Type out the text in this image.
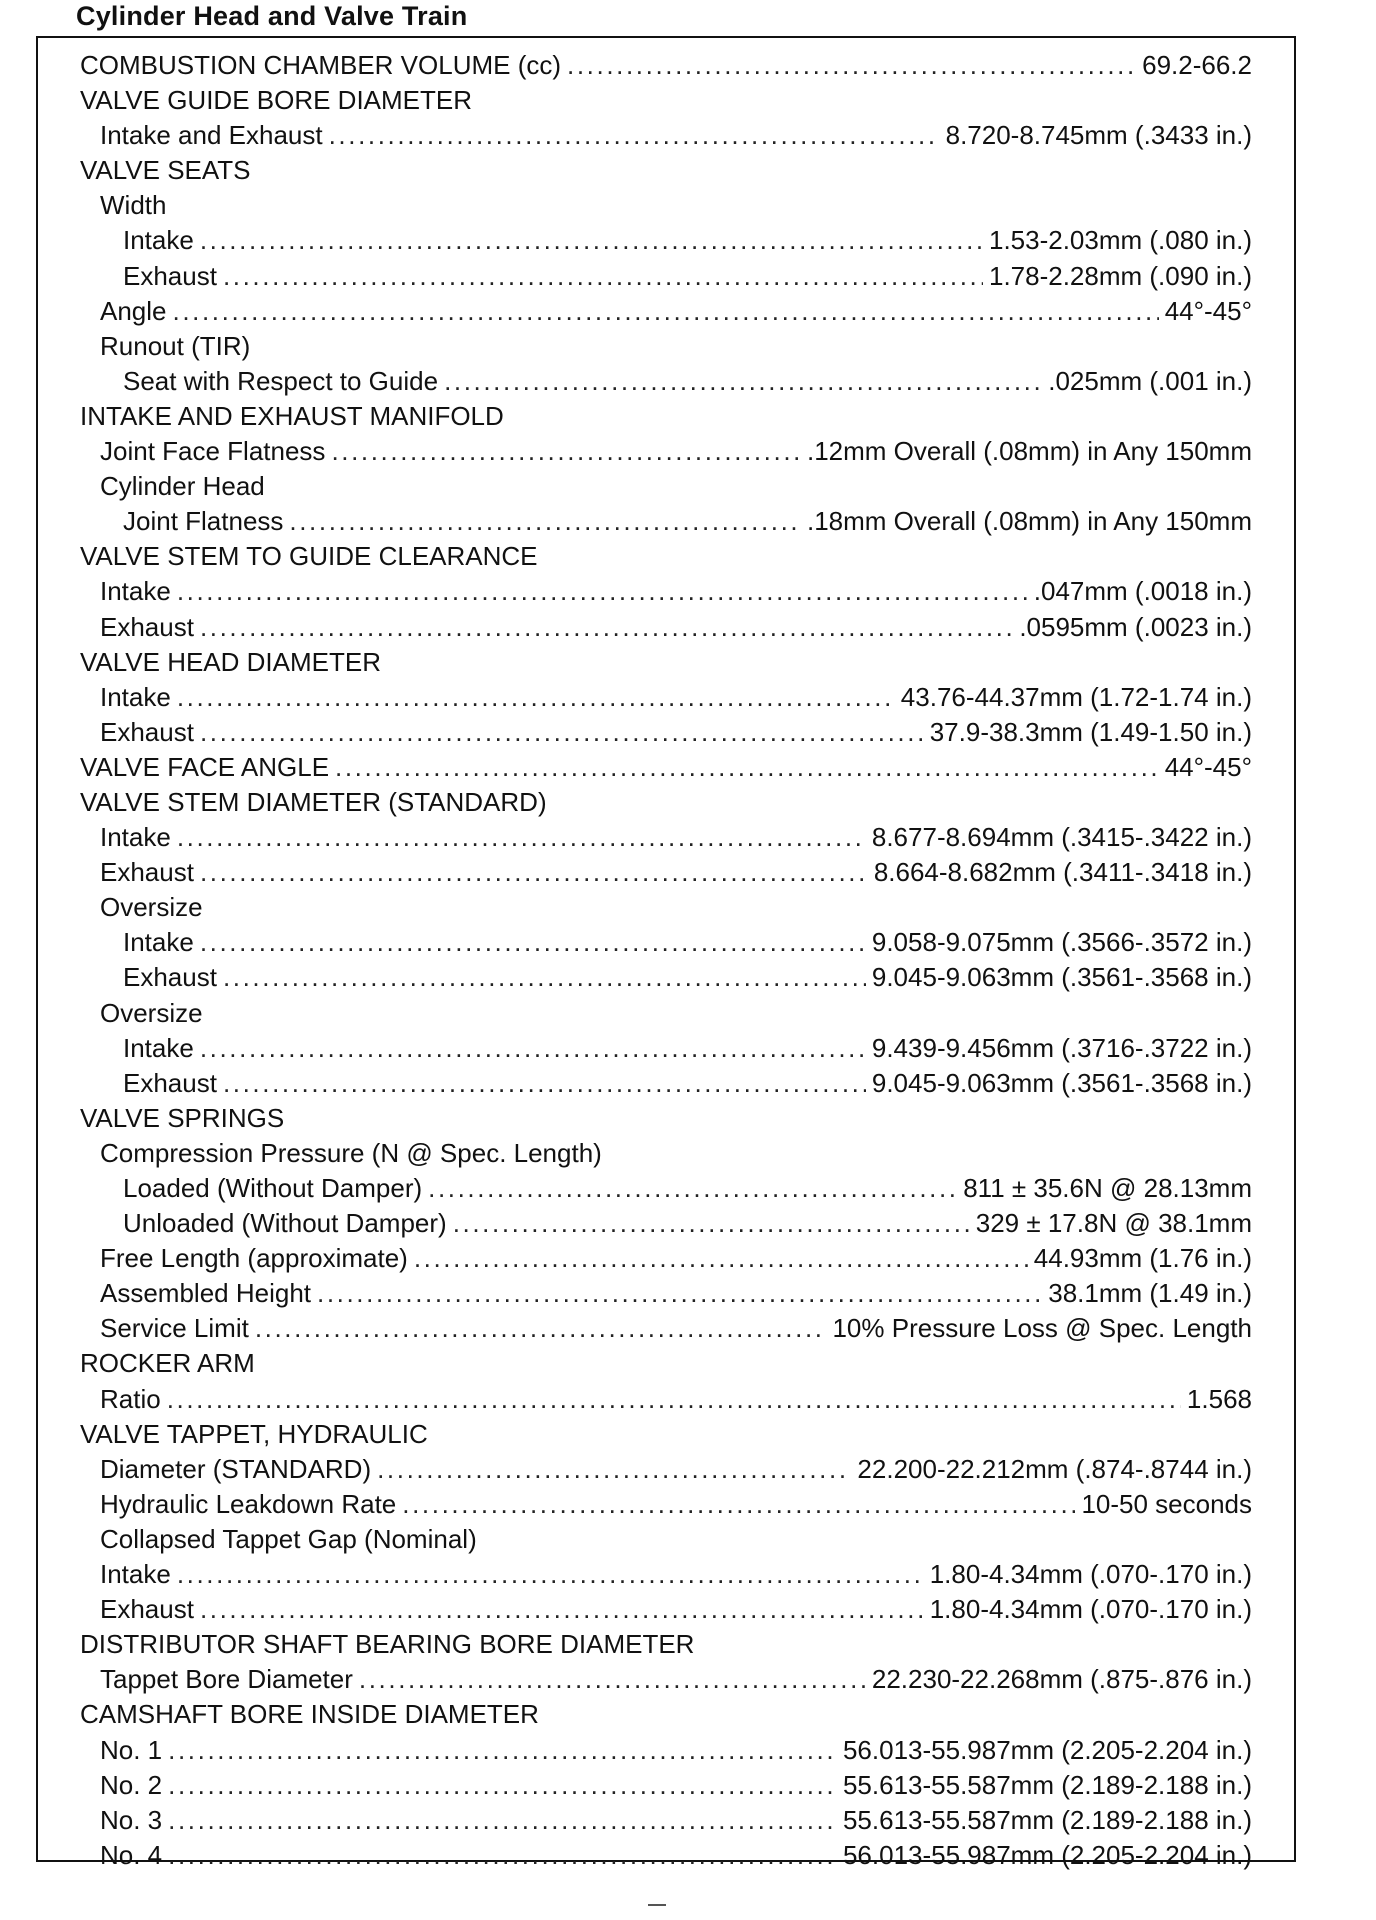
Cylinder Head and Valve Train
COMBUSTION CHAMBER VOLUME (cc) .....	69.2-66.2
VALVE GUIDE BORE DIAMETER
Intake and Exhaust .....	8.720-8.745mm (.3433 in.)
VALVE SEATS
Width
Intake .....	1.53-2.03mm (.080 in.)
Exhaust .....	1.78-2.28mm (.090 in.)
Angle .....	44°-45°
Runout (TIR)
Seat with Respect to Guide .....	.025mm (.001 in.)
INTAKE AND EXHAUST MANIFOLD
Joint Face Flatness .....	.12mm Overall (.08mm) in Any 150mm
Cylinder Head
Joint Flatness .....	.18mm Overall (.08mm) in Any 150mm
VALVE STEM TO GUIDE CLEARANCE
Intake .....	.047mm (.0018 in.)
Exhaust .....	.0595mm (.0023 in.)
VALVE HEAD DIAMETER
Intake .....	43.76-44.37mm (1.72-1.74 in.)
Exhaust .....	37.9-38.3mm (1.49-1.50 in.)
VALVE FACE ANGLE .....	44°-45°
VALVE STEM DIAMETER (STANDARD)
Intake .....	8.677-8.694mm (.3415-.3422 in.)
Exhaust .....	8.664-8.682mm (.3411-.3418 in.)
Oversize
Intake .....	9.058-9.075mm (.3566-.3572 in.)
Exhaust .....	9.045-9.063mm (.3561-.3568 in.)
Oversize
Intake .....	9.439-9.456mm (.3716-.3722 in.)
Exhaust .....	9.045-9.063mm (.3561-.3568 in.)
VALVE SPRINGS
Compression Pressure (N @ Spec. Length)
Loaded (Without Damper) .....	811 ± 35.6N @ 28.13mm
Unloaded (Without Damper) .....	329 ± 17.8N @ 38.1mm
Free Length (approximate) .....	44.93mm (1.76 in.)
Assembled Height .....	38.1mm (1.49 in.)
Service Limit .....	10% Pressure Loss @ Spec. Length
ROCKER ARM
Ratio .....	1.568
VALVE TAPPET, HYDRAULIC
Diameter (STANDARD) .....	22.200-22.212mm (.874-.8744 in.)
Hydraulic Leakdown Rate .....	10-50 seconds
Collapsed Tappet Gap (Nominal)
Intake .....	1.80-4.34mm (.070-.170 in.)
Exhaust .....	1.80-4.34mm (.070-.170 in.)
DISTRIBUTOR SHAFT BEARING BORE DIAMETER
Tappet Bore Diameter .....	22.230-22.268mm (.875-.876 in.)
CAMSHAFT BORE INSIDE DIAMETER
No. 1 .....	56.013-55.987mm (2.205-2.204 in.)
No. 2 .....	55.613-55.587mm (2.189-2.188 in.)
No. 3 .....	55.613-55.587mm (2.189-2.188 in.)
No. 4 .....	56.013-55.987mm (2.205-2.204 in.)
